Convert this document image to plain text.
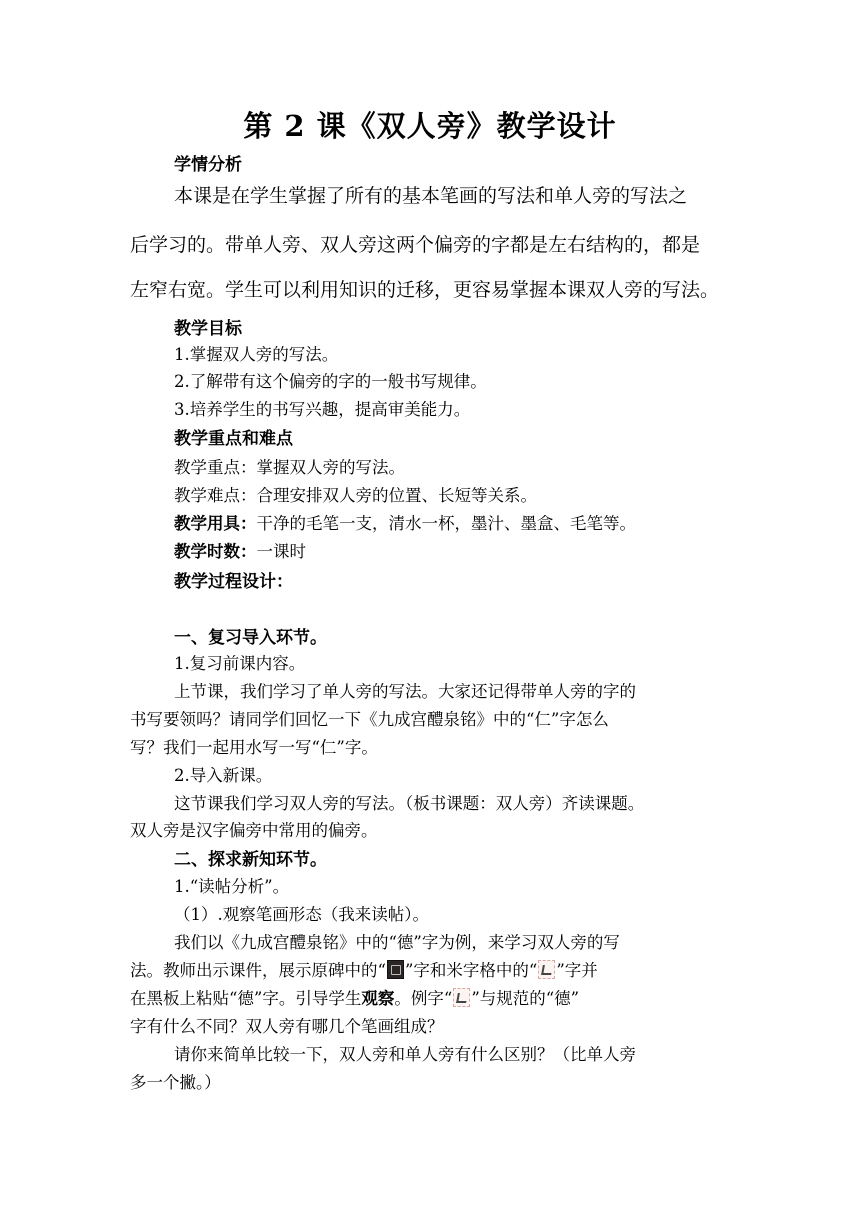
第 2 课《双人旁》教学设计
学情分析
本课是在学生掌握了所有的基本笔画的写法和单人旁的写法之
后学习的。带单人旁、双人旁这两个偏旁的字都是左右结构的，都是
左窄右宽。学生可以利用知识的迁移，更容易掌握本课双人旁的写法。
教学目标
1.掌握双人旁的写法。
2.了解带有这个偏旁的字的一般书写规律。
3.培养学生的书写兴趣，提高审美能力。
教学重点和难点
教学重点：掌握双人旁的写法。
教学难点：合理安排双人旁的位置、长短等关系。
教学用具：干净的毛笔一支，清水一杯，墨汁、墨盒、毛笔等。
教学时数：一课时
教学过程设计：
一、复习导入环节。
1.复习前课内容。
上节课，我们学习了单人旁的写法。大家还记得带单人旁的字的
书写要领吗？请同学们回忆一下《九成宫醴泉铭》中的“仁”字怎么
写？我们一起用水写一写“仁”字。
2.导入新课。
这节课我们学习双人旁的写法。（板书课题：双人旁）齐读课题。
双人旁是汉字偏旁中常用的偏旁。
二、探求新知环节。
1.“读帖分析”。
（1）.观察笔画形态（我来读帖）。
我们以《九成宫醴泉铭》中的“德”字为例，来学习双人旁的写
法。教师出示课件，展示原碑中的“ ”字和米字格中的“ ”字并
在黑板上粘贴“德”字。引导学生观察。例字“ ”与规范的“德”
字有什么不同？双人旁有哪几个笔画组成？
请你来简单比较一下，双人旁和单人旁有什么区别？（比单人旁
多一个撇。）
